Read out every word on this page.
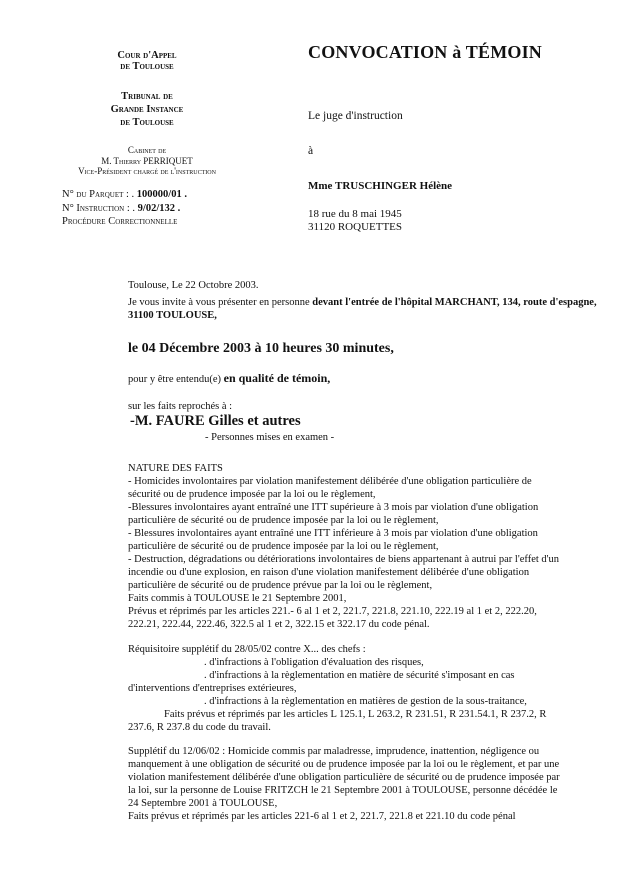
Cour d'Appel
de Toulouse
Tribunal de
Grande Instance
de Toulouse
Cabinet de
M. Thierry PERRIQUET
Vice-Président chargé de l'instruction
N° du Parquet : . 100000/01 .
N° Instruction : . 9/02/132 .
Procédure Correctionnelle
CONVOCATION à TÉMOIN
Le juge d'instruction
à
Mme TRUSCHINGER Hélène
18 rue du 8 mai 1945
31120 ROQUETTES
Toulouse, Le 22 Octobre 2003.
Je vous invite à vous présenter en personne devant l'entrée de l'hôpital MARCHANT, 134, route d'espagne, 31100 TOULOUSE,
le 04 Décembre 2003 à 10 heures 30 minutes,
pour y être entendu(e) en qualité de témoin,
sur les faits reprochés à :
-M. FAURE Gilles et autres
- Personnes mises en examen -

NATURE DES FAITS

- Homicides involontaires par violation manifestement délibérée d'une obligation particulière de

sécurité ou de prudence imposée par la loi ou le règlement,

-Blessures involontaires ayant entraîné une ITT supérieure à 3 mois par violation d'une obligation

particulière de sécurité ou de prudence imposée par la loi ou le règlement,

- Blessures involontaires ayant entraîné une ITT inférieure à 3 mois par violation d'une obligation

particulière de sécurité ou de prudence imposée par la loi ou le règlement,

- Destruction, dégradations ou détériorations involontaires de biens appartenant à autrui par l'effet d'un

incendie ou d'une explosion, en raison d'une violation manifestement délibérée d'une obligation

particulière de sécurité ou de prudence prévue par la loi ou le règlement,

Faits commis à TOULOUSE le 21 Septembre 2001,

Prévus et réprimés par les articles 221.- 6 al 1 et 2, 221.7, 221.8, 221.10, 222.19 al 1 et 2, 222.20,

222.21, 222.44, 222.46, 322.5 al 1 et 2, 322.15 et 322.17 du code pénal.

Réquisitoire supplétif du 28/05/02 contre X... des chefs :

. d'infractions à l'obligation d'évaluation des risques,

. d'infractions à la règlementation en matière de sécurité s'imposant en cas

d'interventions d'entreprises extérieures,

. d'infractions à la règlementation en matières de gestion de la sous-traitance,

Faits prévus et réprimés par les articles L 125.1, L 263.2, R 231.51, R 231.54.1, R 237.2, R

237.6, R 237.8 du code du travail.

Supplétif du 12/06/02 : Homicide commis par maladresse, imprudence, inattention, négligence ou

manquement à une obligation de sécurité ou de prudence imposée par la loi ou le règlement, et par une

violation manifestement délibérée d'une obligation particulière de sécurité ou de prudence imposée par

la loi, sur la personne de Louise FRITZCH le 21 Septembre 2001 à TOULOUSE, personne décédée le

24 Septembre 2001 à TOULOUSE,

Faits prévus et réprimés par les articles 221-6 al 1 et 2, 221.7, 221.8 et 221.10 du code pénal
